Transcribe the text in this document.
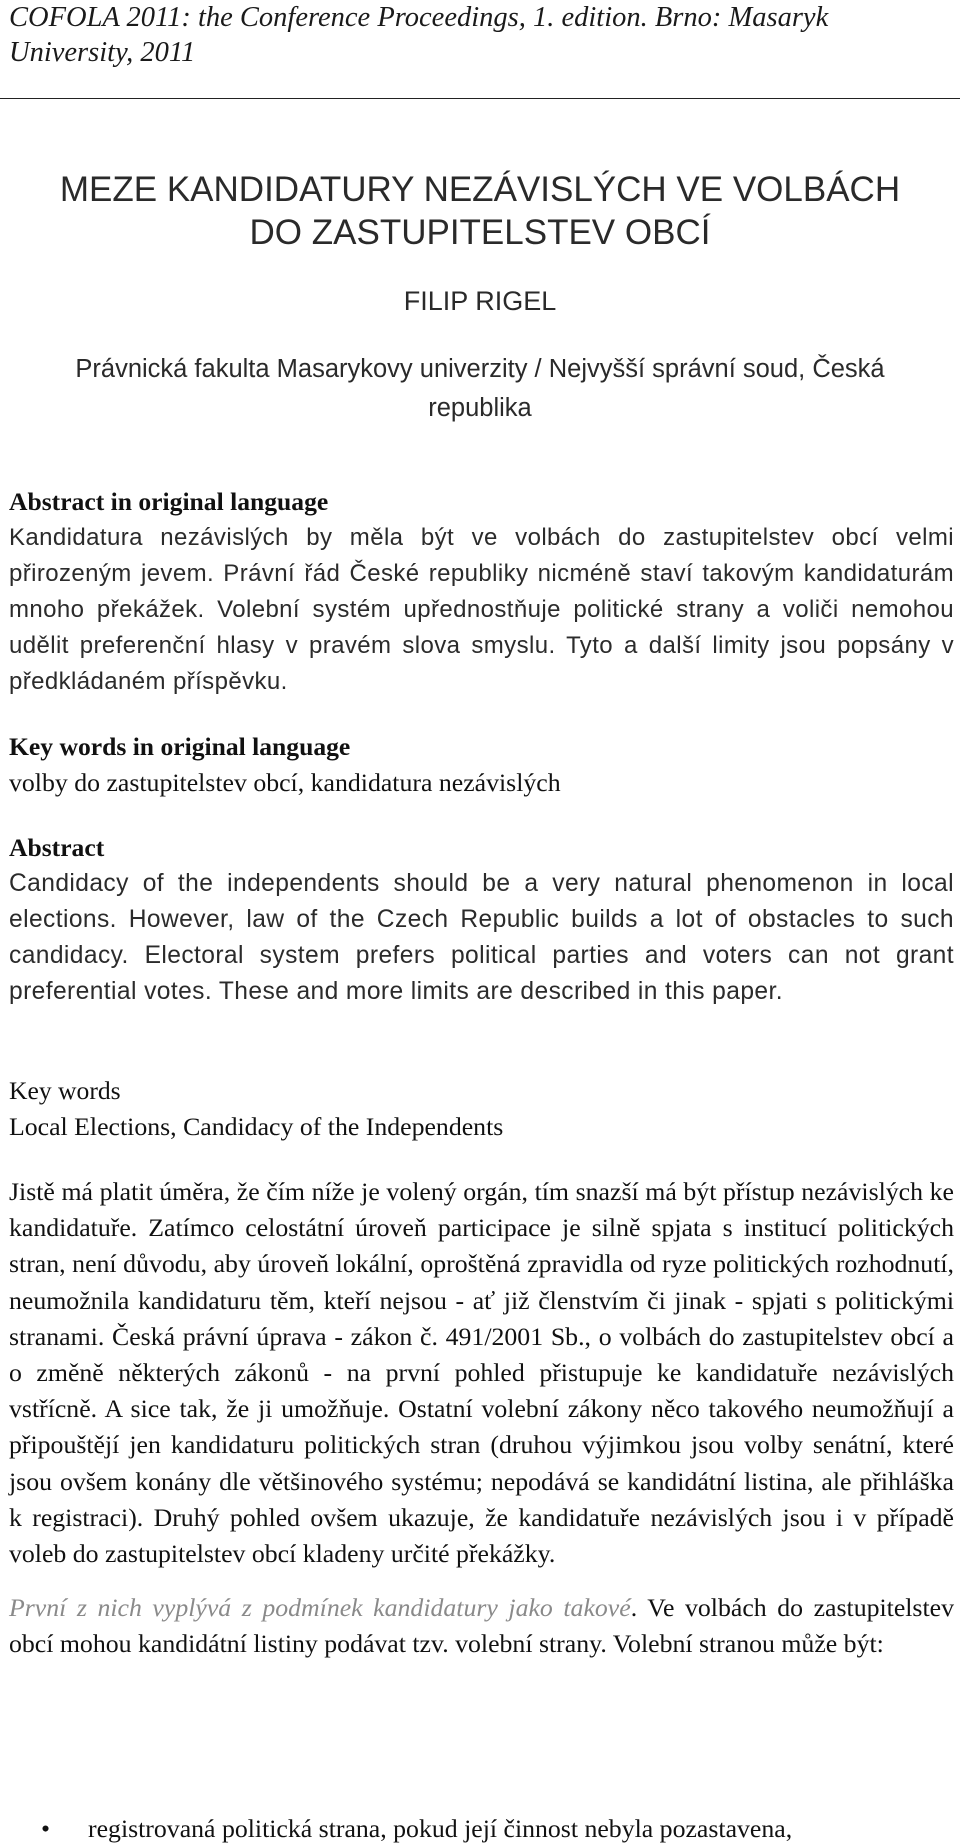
COFOLA 2011: the Conference Proceedings, 1. edition. Brno: Masaryk University, 2011
MEZE KANDIDATURY NEZÁVISLÝCH VE VOLBÁCH DO ZASTUPITELSTEV OBCÍ
FILIP RIGEL
Právnická fakulta Masarykovy univerzity / Nejvyšší správní soud, Česká republika
Abstract in original language
Kandidatura nezávislých by měla být ve volbách do zastupitelstev obcí velmi přirozeným jevem. Právní řád České republiky nicméně staví takovým kandidaturám mnoho překážek. Volební systém upřednostňuje politické strany a voliči nemohou udělit preferenční hlasy v pravém slova smyslu. Tyto a další limity jsou popsány v předkládaném příspěvku.
Key words in original language
volby do zastupitelstev obcí, kandidatura nezávislých
Abstract
Candidacy of the independents should be a very natural phenomenon in local elections. However, law of the Czech Republic builds a lot of obstacles to such candidacy. Electoral system prefers political parties and voters can not grant preferential votes. These and more limits are described in this paper.
Key words
Local Elections, Candidacy of the Independents
Jistě má platit úměra, že čím níže je volený orgán, tím snazší má být přístup nezávislých ke kandidatuře. Zatímco celostátní úroveň participace je silně spjata s institucí politických stran, není důvodu, aby úroveň lokální, oproštěná zpravidla od ryze politických rozhodnutí, neumožnila kandidaturu těm, kteří nejsou - ať již členstvím či jinak - spjati s politickými stranami. Česká právní úprava - zákon č. 491/2001 Sb., o volbách do zastupitelstev obcí a o změně některých zákonů - na první pohled přistupuje ke kandidatuře nezávislých vstřícně. A sice tak, že ji umožňuje. Ostatní volební zákony něco takového neumožňují a připouštějí jen kandidaturu politických stran (druhou výjimkou jsou volby senátní, které jsou ovšem konány dle většinového systému; nepodává se kandidátní listina, ale přihláška k registraci). Druhý pohled ovšem ukazuje, že kandidatuře nezávislých jsou i v případě voleb do zastupitelstev obcí kladeny určité překážky.
První z nich vyplývá z podmínek kandidatury jako takové. Ve volbách do zastupitelstev obcí mohou kandidátní listiny podávat tzv. volební strany. Volební stranou může být:
• registrovaná politická strana, pokud její činnost nebyla pozastavena,
